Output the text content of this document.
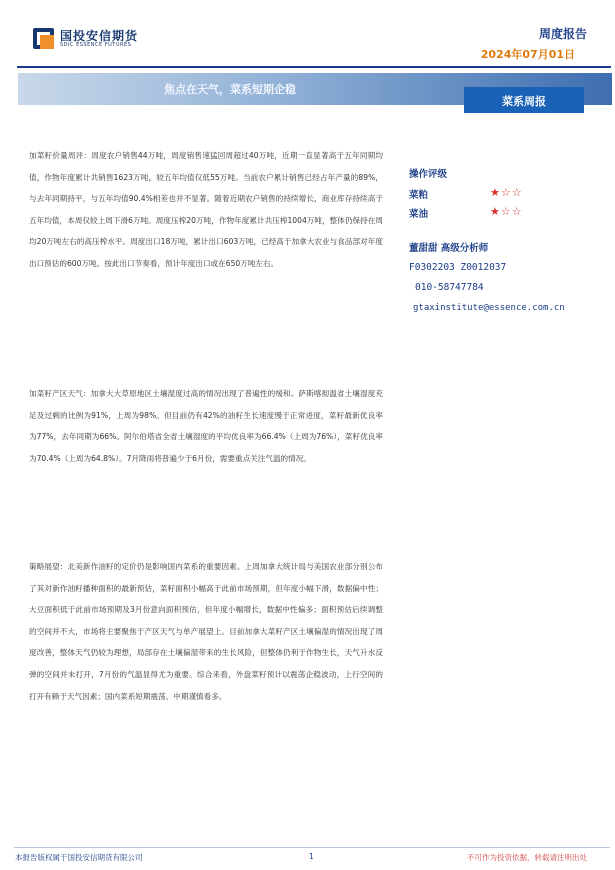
国投安信期货
SDIC ESSENCE FUTURES
周度报告
2024年07月01日
焦点在天气，菜系短期企稳
菜系周报
加菜籽价量周评：周度农户销售44万吨，周度销售速猛回周超过40万吨，近期一直显著高于五年同期均值，作物年度累计共销售1623万吨，较五年均值仅低55万吨。当前农户累计销售已经占年产量的89%，与去年同期持平，与五年均值90.4%相差也并不显著。随着近期农户销售的持续增长，商业库存持续高于五年均值，本周仅较上周下滑6万吨。周度压榨20万吨，作物年度累计共压榨1004万吨，整体仍保持在周均20万吨左右的高压榨水平。周度出口18万吨，累计出口603万吨，已经高于加拿大农业与食品部对年度出口预估的600万吨。按此出口节奏看，预计年度出口或在650万吨左右。
加菜籽产区天气：加拿大大草原地区土壤湿度过高的情况出现了普遍性的缓和。萨斯喀彻温省土壤湿度充足及过剩的比例为91%，上周为98%。但目前仍有42%的油籽生长速度慢于正常进度，菜籽最新优良率为77%，去年同期为66%。阿尔伯塔省全省土壤湿度的平均优良率为66.4%（上周为76%），菜籽优良率为70.4%（上周为64.8%）。7月降雨将普遍少于6月份，需要重点关注气温的情况。
策略展望：北美新作油籽的定价仍是影响国内菜系的重要因素。上周加拿大统计局与美国农业部分别公布了其对新作油籽播种面积的最新预估，菜籽面积小幅高于此前市场预期，但年度小幅下滑，数据偏中性；大豆面积低于此前市场预期及3月份意向面积预估，但年度小幅增长，数据中性偏多；面积预估后续调整的空间并不大，市场将主要聚焦于产区天气与单产展望上。目前加拿大菜籽产区土壤偏湿的情况出现了周度改善，整体天气仍较为理想，局部存在土壤偏湿带来的生长风险，但整体仍利于作物生长，天气升水反弹的空间并未打开，7月份的气温显得尤为重要。综合来看，外盘菜籽预计以震荡企稳波动，上行空间的打开有赖于天气因素；国内菜系短期震荡、中期谨慎看多。
操作评级
菜粕	★☆☆
菜油	★☆☆
董甜甜 高级分析师
F0302203 Z0012037
010-58747784
gtaxinstitute@essence.com.cn
本报告版权属于国投安信期货有限公司	1	不可作为投资依据，转载请注明出处
